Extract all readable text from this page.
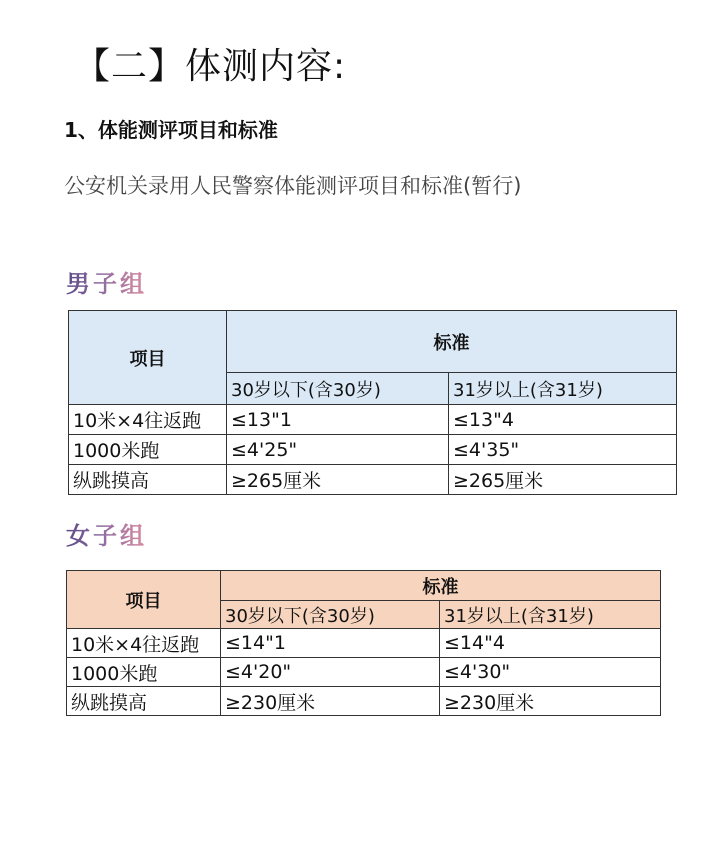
【二】体测内容:
1、体能测评项目和标准
公安机关录用人民警察体能测评项目和标准(暂行)
男子组
项目	标准	
	30岁以下(含30岁)	31岁以上(含31岁)
10米×4往返跑	≤13"1	≤13"4
1000米跑	≤4'25"	≤4'35"
纵跳摸高	≥265厘米	≥265厘米
女子组
项目	标准	
	30岁以下(含30岁)	31岁以上(含31岁)
10米×4往返跑	≤14"1	≤14"4
1000米跑	≤4'20"	≤4'30"
纵跳摸高	≥230厘米	≥230厘米
